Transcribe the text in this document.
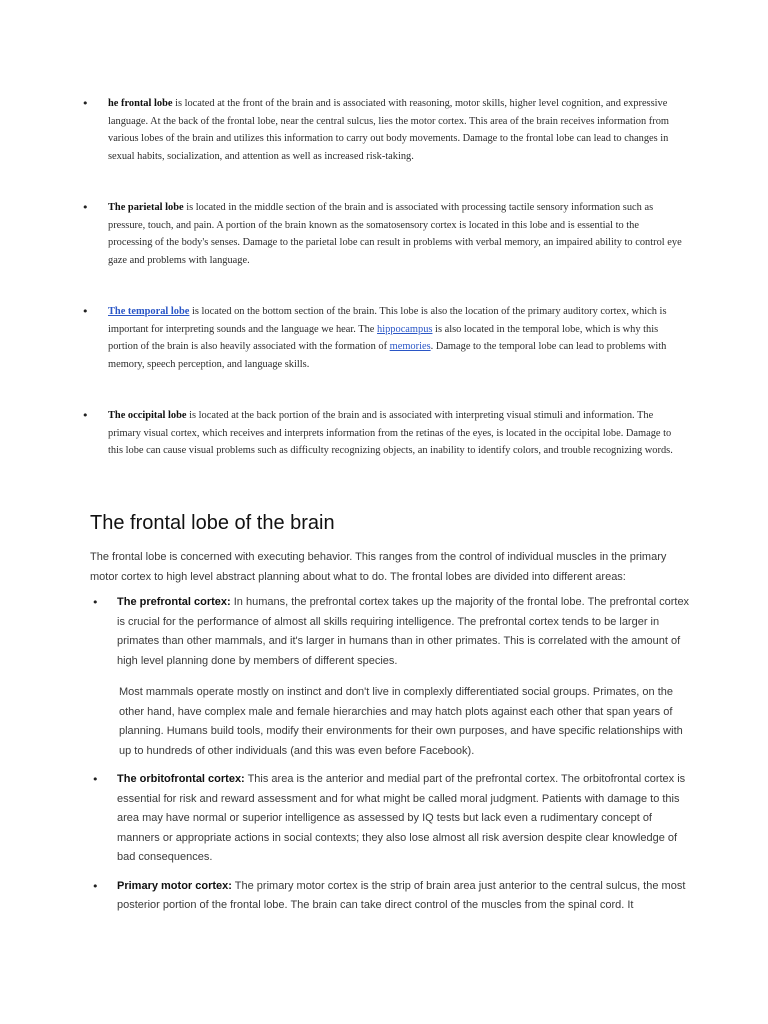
•	he frontal lobe is located at the front of the brain and is associated with reasoning, motor skills, higher level cognition, and expressive language. At the back of the frontal lobe, near the central sulcus, lies the motor cortex. This area of the brain receives information from various lobes of the brain and utilizes this information to carry out body movements. Damage to the frontal lobe can lead to changes in sexual habits, socialization, and attention as well as increased risk-taking.

•	The parietal lobe is located in the middle section of the brain and is associated with processing tactile sensory information such as pressure, touch, and pain. A portion of the brain known as the somatosensory cortex is located in this lobe and is essential to the processing of the body's senses. Damage to the parietal lobe can result in problems with verbal memory, an impaired ability to control eye gaze and problems with language.

•	The temporal lobe is located on the bottom section of the brain. This lobe is also the location of the primary auditory cortex, which is important for interpreting sounds and the language we hear. The hippocampus is also located in the temporal lobe, which is why this portion of the brain is also heavily associated with the formation of memories. Damage to the temporal lobe can lead to problems with memory, speech perception, and language skills.

•	The occipital lobe is located at the back portion of the brain and is associated with interpreting visual stimuli and information. The primary visual cortex, which receives and interprets information from the retinas of the eyes, is located in the occipital lobe. Damage to this lobe can cause visual problems such as difficulty recognizing objects, an inability to identify colors, and trouble recognizing words.

The frontal lobe of the brain

The frontal lobe is concerned with executing behavior. This ranges from the control of individual muscles in the primary motor cortex to high level abstract planning about what to do. The frontal lobes are divided into different areas:

•	The prefrontal cortex: In humans, the prefrontal cortex takes up the majority of the frontal lobe. The prefrontal cortex is crucial for the performance of almost all skills requiring intelligence. The prefrontal cortex tends to be larger in primates than other mammals, and it's larger in humans than in other primates. This is correlated with the amount of high level planning done by members of different species.

Most mammals operate mostly on instinct and don't live in complexly differentiated social groups. Primates, on the other hand, have complex male and female hierarchies and may hatch plots against each other that span years of planning. Humans build tools, modify their environments for their own purposes, and have specific relationships with up to hundreds of other individuals (and this was even before Facebook).

•	The orbitofrontal cortex: This area is the anterior and medial part of the prefrontal cortex. The orbitofrontal cortex is essential for risk and reward assessment and for what might be called moral judgment. Patients with damage to this area may have normal or superior intelligence as assessed by IQ tests but lack even a rudimentary concept of manners or appropriate actions in social contexts; they also lose almost all risk aversion despite clear knowledge of bad consequences.
•	Primary motor cortex: The primary motor cortex is the strip of brain area just anterior to the central sulcus, the most posterior portion of the frontal lobe. The brain can take direct control of the muscles from the spinal cord. It
